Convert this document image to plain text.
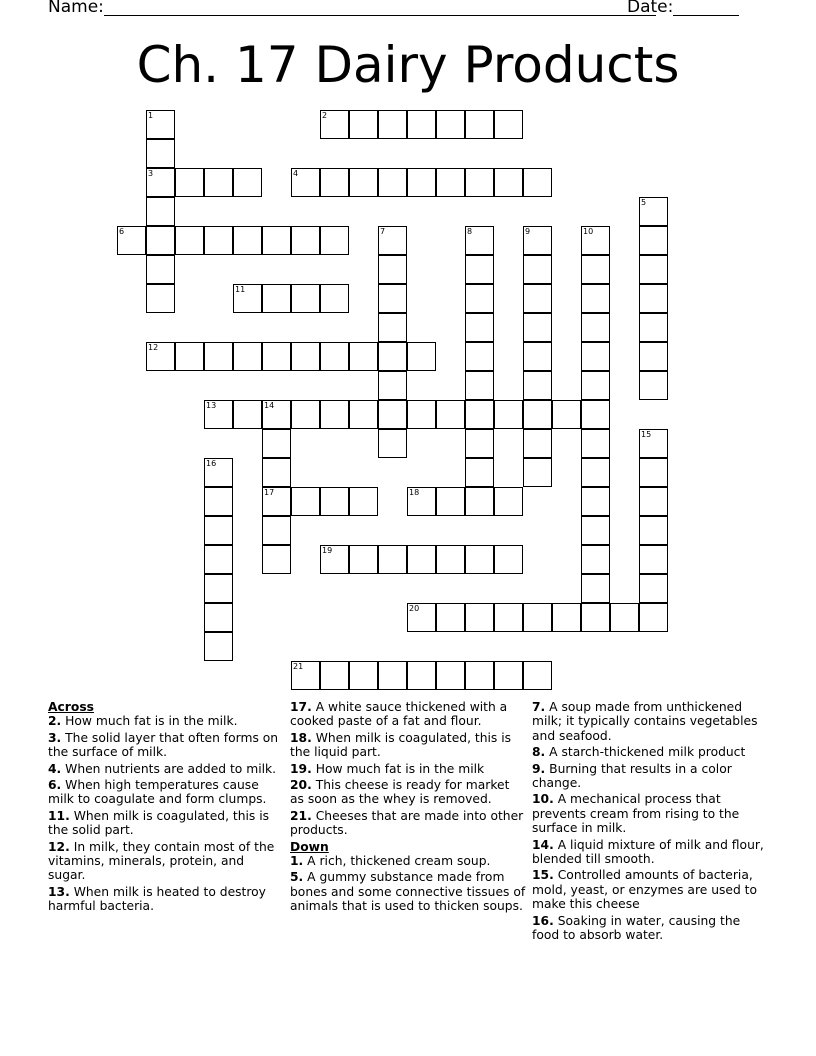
Name:	Date:
Ch. 17 Dairy Products
1	2
3	4
5
6	7	8	9	10
11
12
13	14
15
16
17	18
19
20
21
Across
2. How much fat is in the milk.
3. The solid layer that often forms on the surface of milk.
4. When nutrients are added to milk.
6. When high temperatures cause milk to coagulate and form clumps.
11. When milk is coagulated, this is the solid part.
12. In milk, they contain most of the vitamins, minerals, protein, and sugar.
13. When milk is heated to destroy harmful bacteria.
17. A white sauce thickened with a cooked paste of a fat and flour.
18. When milk is coagulated, this is the liquid part.
19. How much fat is in the milk
20. This cheese is ready for market as soon as the whey is removed.
21. Cheeses that are made into other products.
Down
1. A rich, thickened cream soup.
5. A gummy substance made from bones and some connective tissues of animals that is used to thicken soups.
7. A soup made from unthickened milk; it typically contains vegetables and seafood.
8. A starch-thickened milk product
9. Burning that results in a color change.
10. A mechanical process that prevents cream from rising to the surface in milk.
14. A liquid mixture of milk and flour, blended till smooth.
15. Controlled amounts of bacteria, mold, yeast, or enzymes are used to make this cheese
16. Soaking in water, causing the food to absorb water.
